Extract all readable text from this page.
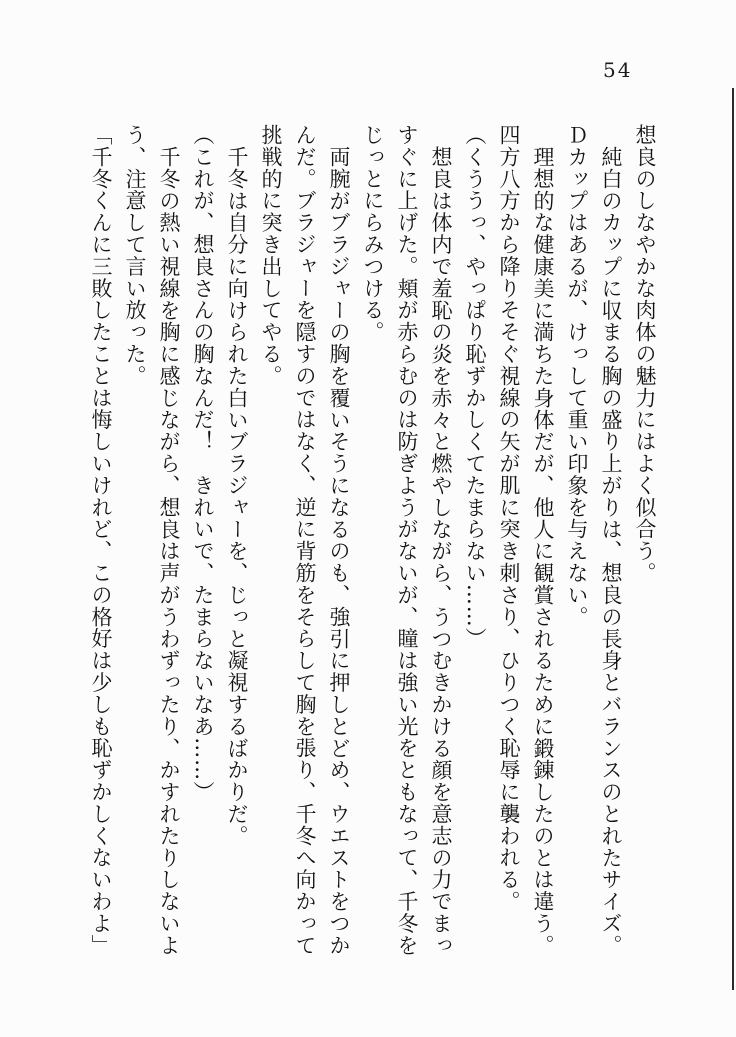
54

想良のしなやかな肉体の魅力にはよく似合う。

純白のカップに収まる胸の盛り上がりは、想良の長身とバランスのとれたサイズ。
Ｄカップはあるが、けっして重い印象を与えない。

理想的な健康美に満ちた身体だが、他人に観賞されるために鍛錬したのとは違う。
四方八方から降りそそぐ視線の矢が肌に突き刺さり、ひりつく恥辱に襲われる。

（くううっ、やっぱり恥ずかしくてたまらない……）

想良は体内で羞恥の炎を赤々と燃やしながら、うつむきかける顔を意志の力でまっ
すぐに上げた。頬が赤らむのは防ぎようがないが、瞳は強い光をともなって、千冬を
じっとにらみつける。

両腕がブラジャーの胸を覆いそうになるのも、強引に押しとどめ、ウエストをつか
んだ。ブラジャーを隠すのではなく、逆に背筋をそらして胸を張り、千冬へ向かって
挑戦的に突き出してやる。

千冬は自分に向けられた白いブラジャーを、じっと凝視するばかりだ。

（これが、想良さんの胸なんだ！　きれいで、たまらないなあ……）

千冬の熱い視線を胸に感じながら、想良は声がうわずったり、かすれたりしないよ
う、注意して言い放った。

「千冬くんに三敗したことは悔しいけれど、この格好は少しも恥ずかしくないわよ」
